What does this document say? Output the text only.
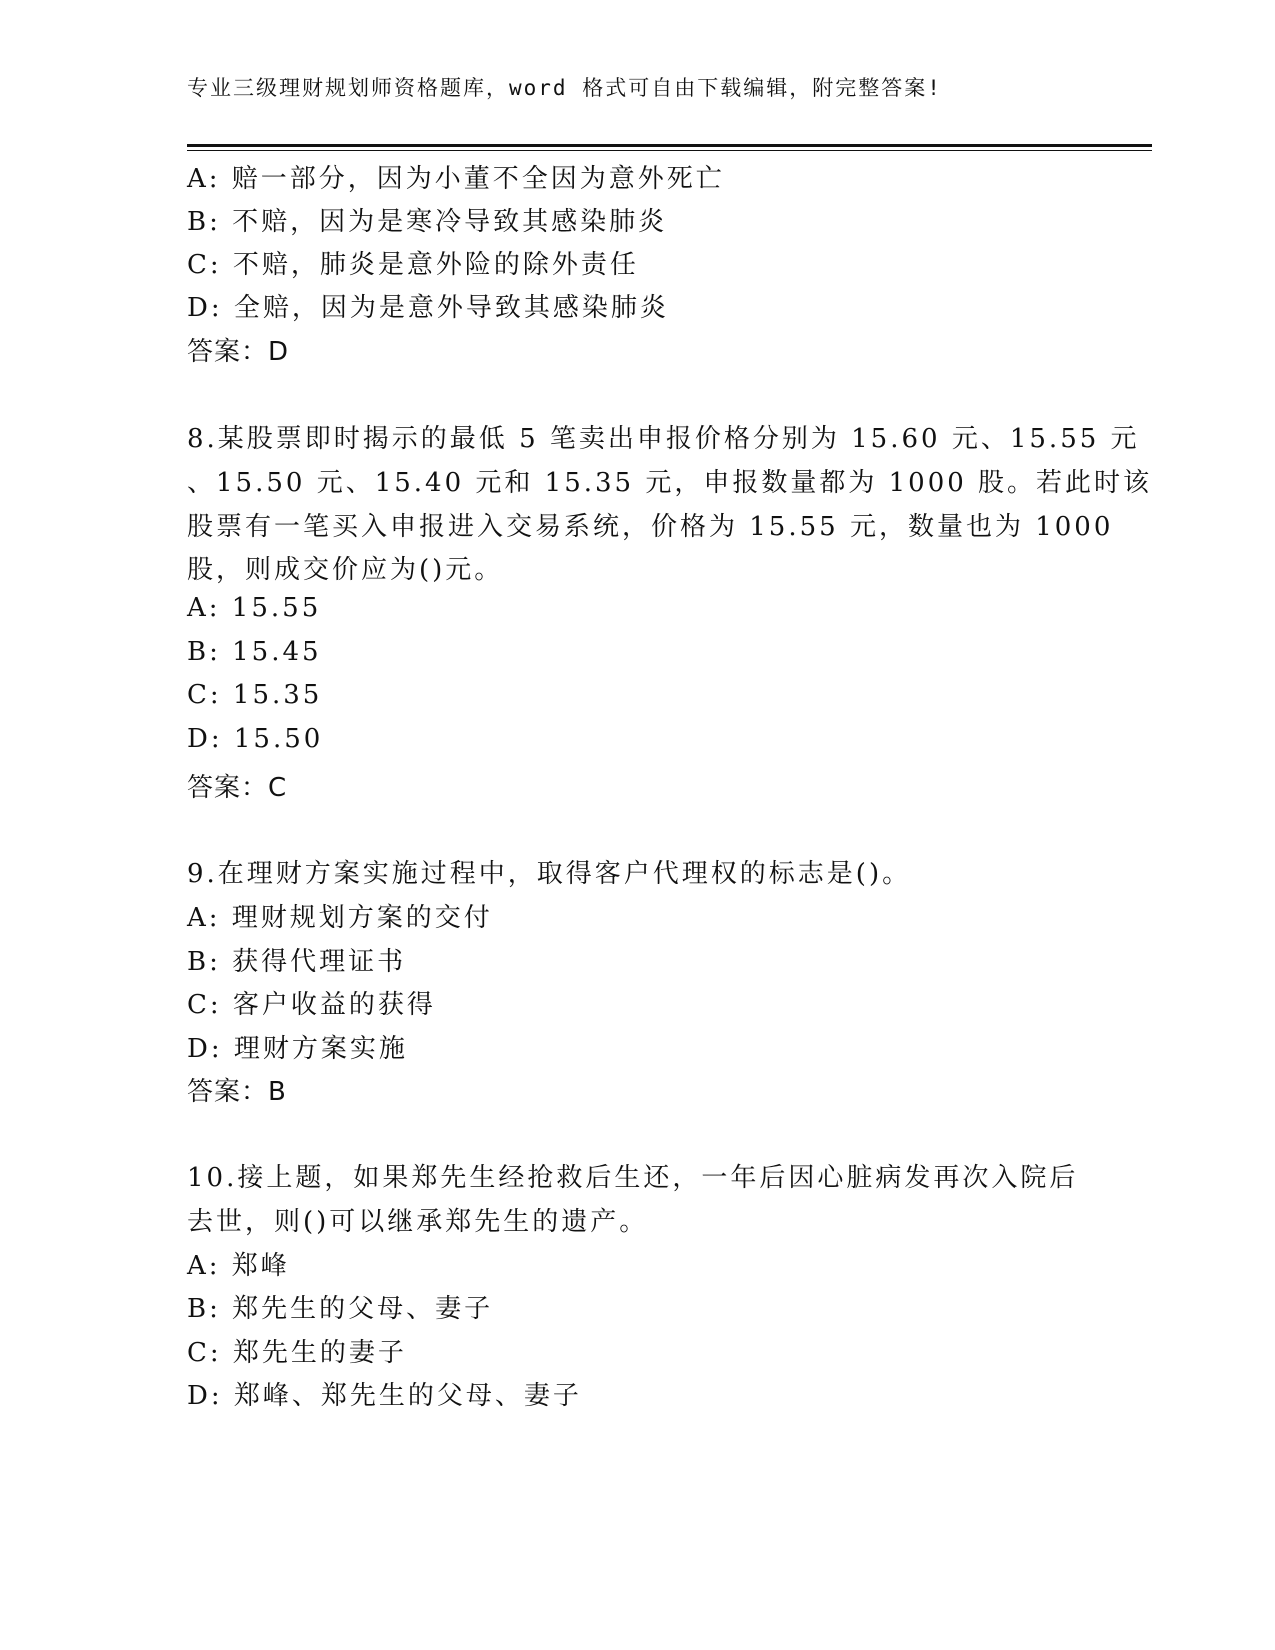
专业三级理财规划师资格题库，word 格式可自由下载编辑，附完整答案!
A: 赔一部分，因为小董不全因为意外死亡
B: 不赔，因为是寒冷导致其感染肺炎
C: 不赔，肺炎是意外险的除外责任
D: 全赔，因为是意外导致其感染肺炎
答案：D
8.某股票即时揭示的最低 5 笔卖出申报价格分别为 15.60 元、15.55 元
、15.50 元、15.40 元和 15.35 元，申报数量都为 1000 股。若此时该
股票有一笔买入申报进入交易系统，价格为 15.55 元，数量也为 1000
股，则成交价应为()元。
A: 15.55
B: 15.45
C: 15.35
D: 15.50
答案：C
9.在理财方案实施过程中，取得客户代理权的标志是()。
A: 理财规划方案的交付
B: 获得代理证书
C: 客户收益的获得
D: 理财方案实施
答案：B
10.接上题，如果郑先生经抢救后生还，一年后因心脏病发再次入院后
去世，则()可以继承郑先生的遗产。
A: 郑峰
B: 郑先生的父母、妻子
C: 郑先生的妻子
D: 郑峰、郑先生的父母、妻子
